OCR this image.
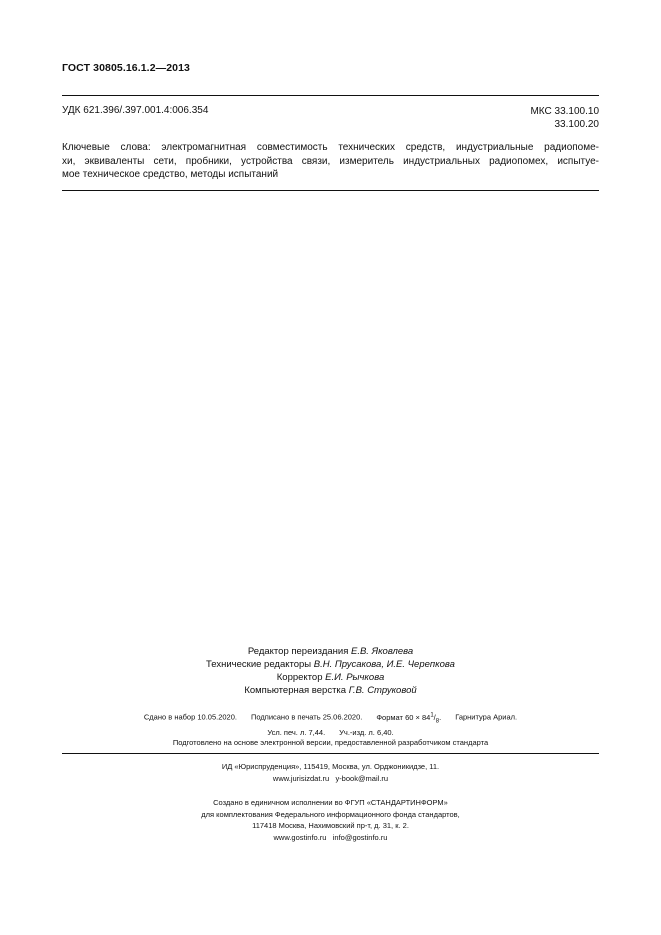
ГОСТ 30805.16.1.2—2013
УДК 621.396/.397.001.4:006.354	МКС 33.100.10
33.100.20
Ключевые слова: электромагнитная совместимость технических средств, индустриальные радиопоме-
хи, эквиваленты сети, пробники, устройства связи, измеритель индустриальных радиопомех, испытуе-
мое техническое средство, методы испытаний
Редактор переиздания Е.В. Яковлева
Технические редакторы В.Н. Прусакова, И.Е. Черепкова
Корректор Е.И. Рычкова
Компьютерная верстка Г.В. Струковой
Сдано в набор 10.05.2020. Подписано в печать 25.06.2020. Формат $60 \times 84^1/_8$. Гарнитура Ариал.
Усл. печ. л. 7,44. Уч.-изд. л. 6,40.
Подготовлено на основе электронной версии, предоставленной разработчиком стандарта
ИД «Юриспруденция», 115419, Москва, ул. Орджоникидзе, 11.
www.jurisizdat.ru y-book@mail.ru
Создано в единичном исполнении во ФГУП «СТАНДАРТИНФОРМ»
для комплектования Федерального информационного фонда стандартов,
117418 Москва, Нахимовский пр-т, д. 31, к. 2.
www.gostinfo.ru info@gostinfo.ru
